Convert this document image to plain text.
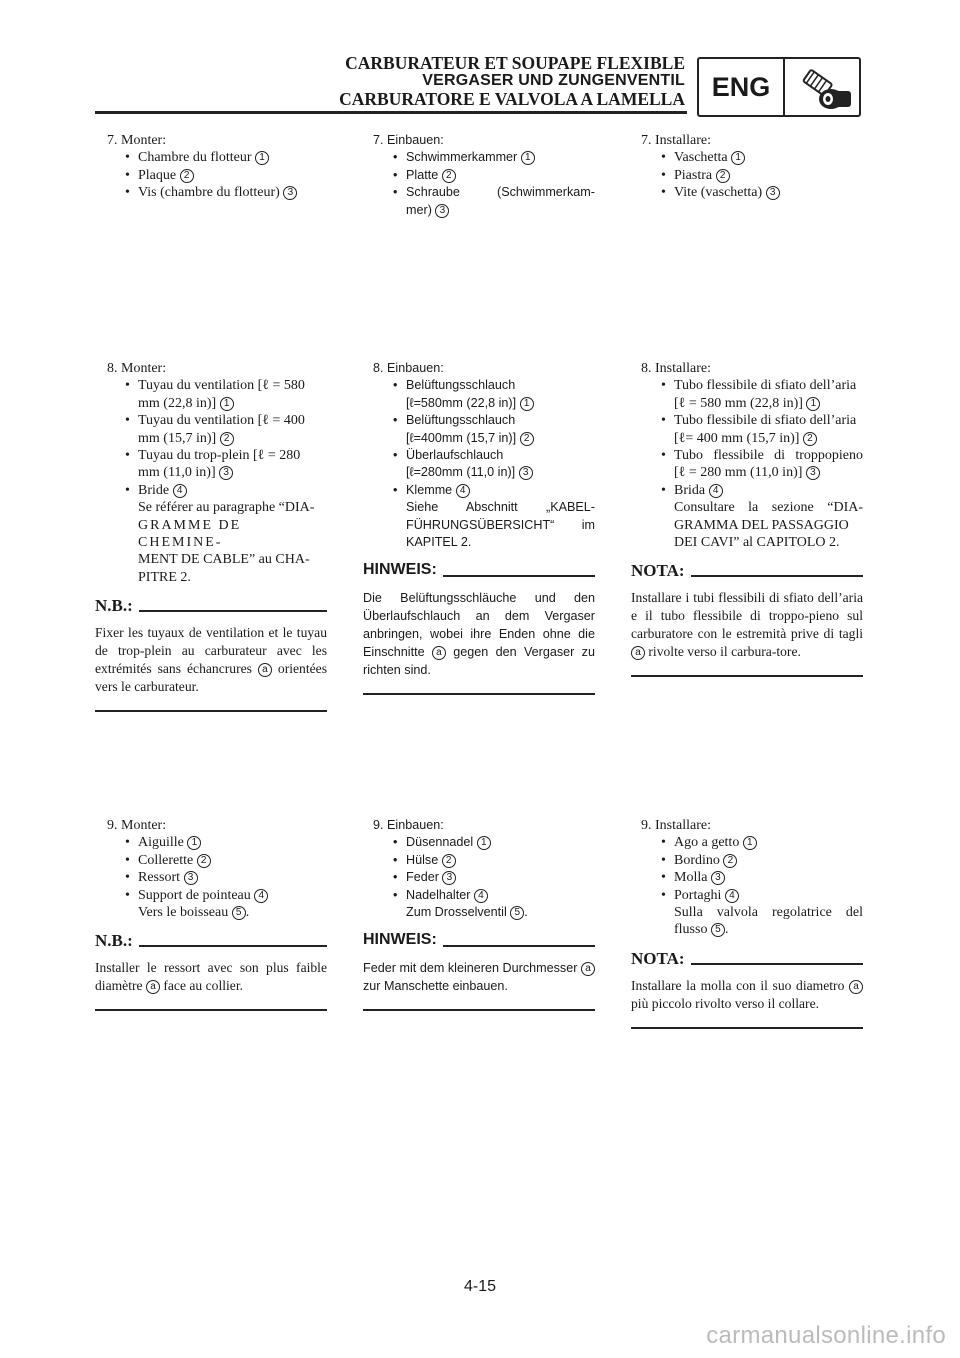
CARBURATEUR ET SOUPAPE FLEXIBLE
VERGASER UND ZUNGENVENTIL
CARBURATORE E VALVOLA A LAMELLA ENG
7. Monter:
• Chambre du flotteur 1
• Plaque 2
• Vis (chambre du flotteur) 3
8. Monter:
• Tuyau du ventilation [ℓ = 580
mm (22,8 in)] 1
• Tuyau du ventilation [ℓ = 400
mm (15,7 in)] 2
• Tuyau du trop-plein [ℓ = 280
mm (11,0 in)] 3
• Bride 4
Se référer au paragraphe “DIA-
GRAMME DE CHEMINE-
MENT DE CABLE” au CHA-
PITRE 2.
N.B.:
Fixer les tuyaux de ventilation et le tuyau de trop-plein au carburateur avec les extrémités sans échancrures a orientées vers le carburateur.
9. Monter:
• Aiguille 1
• Collerette 2
• Ressort 3
• Support de pointeau 4
Vers le boisseau 5 .
N.B.:
Installer le ressort avec son plus faible diamètre a face au collier.
7. Einbauen:
• Schwimmerkammer 1
• Platte 2
• Schraube (Schwimmerkam-
mer) 3
8. Einbauen:
• Belüftungsschlauch
[ℓ=580mm (22,8 in)] 1
• Belüftungsschlauch
[ℓ=400mm (15,7 in)] 2
• Überlaufschlauch
[ℓ=280mm (11,0 in)] 3
• Klemme 4
Siehe Abschnitt „KABEL-
FÜHRUNGSÜBERSICHT“ im
KAPITEL 2.
HINWEIS:
Die Belüftungsschläuche und den Überlaufschlauch an dem Vergaser anbringen, wobei ihre Enden ohne die Einschnitte a gegen den Vergaser zu richten sind.
9. Einbauen:
• Düsennadel 1
• Hülse 2
• Feder 3
• Nadelhalter 4
Zum Drosselventil 5 .
HINWEIS:
Feder mit dem kleineren Durchmesser a zur Manschette einbauen.
7. Installare:
• Vaschetta 1
• Piastra 2
• Vite (vaschetta) 3
8. Installare:
• Tubo flessibile di sfiato dell’aria
[ℓ = 580 mm (22,8 in)] 1
• Tubo flessibile di sfiato dell’aria
[ℓ= 400 mm (15,7 in)] 2
• Tubo flessibile di troppopieno
[ℓ = 280 mm (11,0 in)] 3
• Brida 4
Consultare la sezione “DIA-
GRAMMA DEL PASSAGGIO
DEI CAVI” al CAPITOLO 2.
NOTA:
Installare i tubi flessibili di sfiato dell’aria e il tubo flessibile di troppo-pieno sul carburatore con le estremità prive di tagli a rivolte verso il carbura-tore.
9. Installare:
• Ago a getto 1
• Bordino 2
• Molla 3
• Portaghi 4
Sulla valvola regolatrice del flusso 5 .
NOTA:
Installare la molla con il suo diametro a più piccolo rivolto verso il collare.
4-15
carmanualsonline.info
